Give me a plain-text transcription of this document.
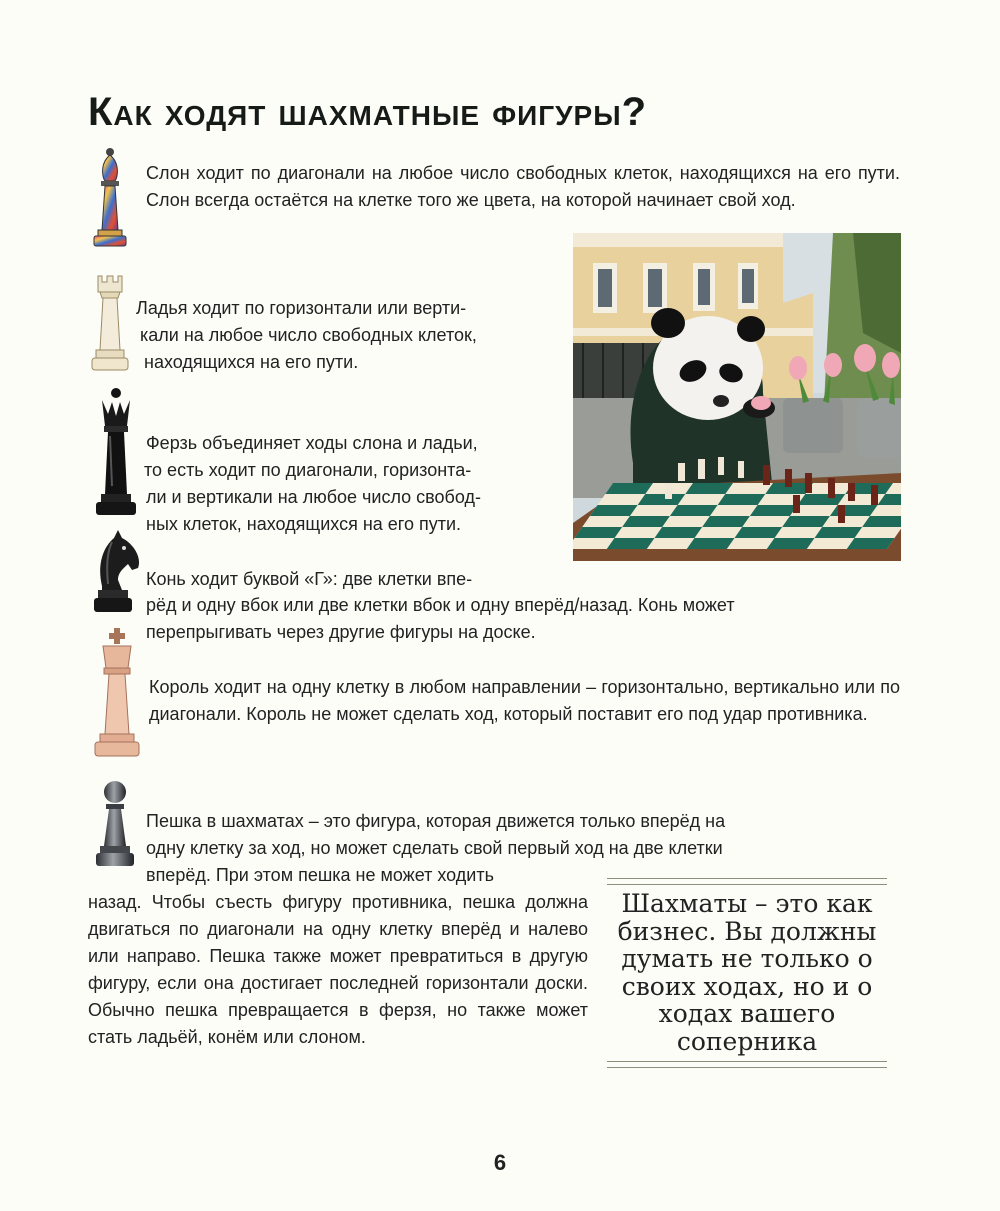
Как ходят шахматные фигуры?

Слон ходит по диагонали на любое число свободных клеток, находящихся на его пути. Слон всегда остаётся на клетке того же цвета, на которой начинает свой ход.

Ладья ходит по горизонтали или верти-

кали на любое число свободных клеток,

находящихся на его пути.

Ферзь объединяет ходы слона и ладьи,

то есть ходит по диагонали, горизонта-

ли и вертикали на любое число свобод-

ных клеток, находящихся на его пути.

Конь ходит буквой «Г»: две клетки впе-

рёд и одну вбок или две клетки вбок и одну вперёд/назад. Конь может

перепрыгивать через другие фигуры на доске.

Король ходит на одну клетку в любом направлении – горизонтально, вертикально или по диагонали. Король не может сделать ход, который поставит его под удар противника.

Пешка в шахматах – это фигура, которая движется только вперёд на

одну клетку за ход, но может сделать свой первый ход на две клетки

вперёд. При этом пешка не может ходить

назад. Чтобы съесть фигуру противника, пешка должна двигаться по диагонали на одну клетку вперёд и налево или направо. Пешка также может превратиться в другую фигуру, если она достигает последней горизонтали доски. Обычно пешка превращается в ферзя, но также может стать ладьёй, конём или слоном.

Шахматы – это как бизнес. Вы должны думать не только о своих ходах, но и о ходах вашего соперника

6
